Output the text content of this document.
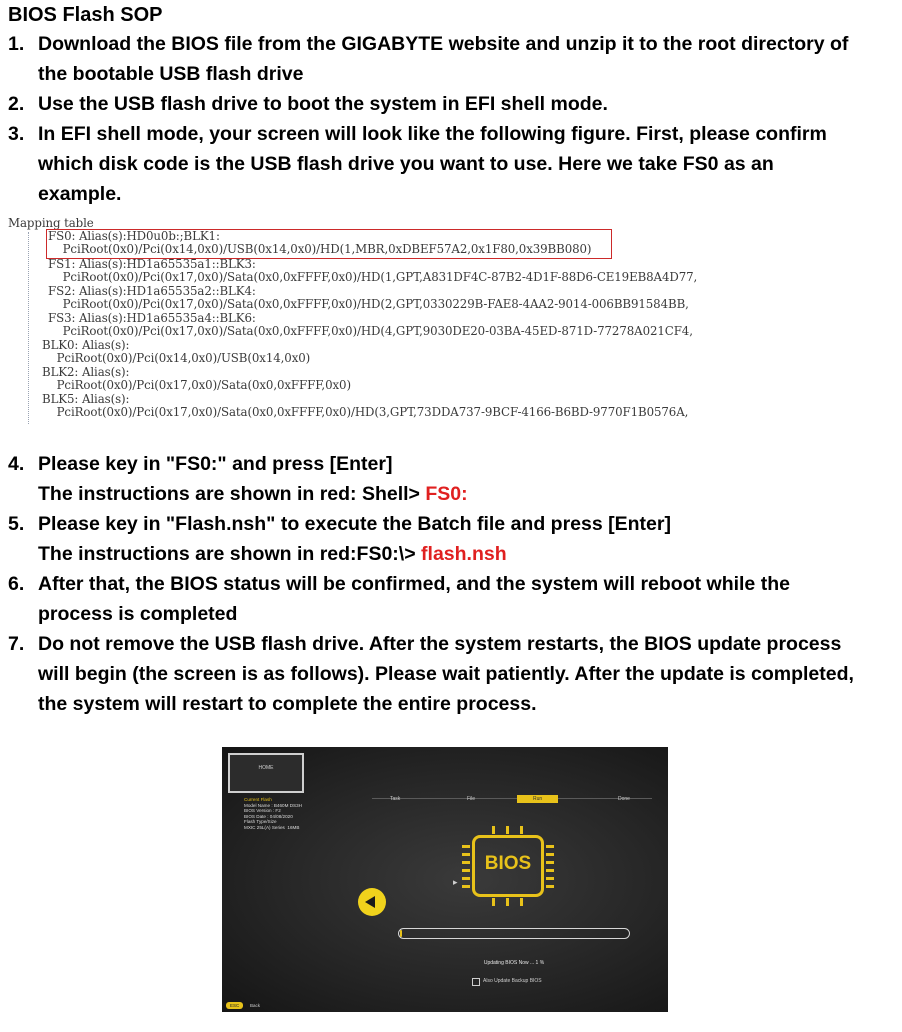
BIOS Flash SOP
1. Download the BIOS file from the GIGABYTE website and unzip it to the root directory of
the bootable USB flash drive
2. Use the USB flash drive to boot the system in EFI shell mode.
3. In EFI shell mode, your screen will look like the following figure. First, please confirm
which disk code is the USB flash drive you want to use. Here we take FS0 as an
example.
4. Please key in "FS0:" and press [Enter]
The instructions are shown in red: Shell> FS0:
5. Please key in "Flash.nsh" to execute the Batch file and press [Enter]
The instructions are shown in red:FS0:\> flash.nsh
6. After that, the BIOS status will be confirmed, and the system will reboot while the
process is completed
7. Do not remove the USB flash drive. After the system restarts, the BIOS update process
will begin (the screen is as follows). Please wait patiently. After the update is completed,
the system will restart to complete the entire process.
Mapping table
FS0: Alias(s):HD0u0b:;BLK1:
PciRoot(0x0)/Pci(0x14,0x0)/USB(0x14,0x0)/HD(1,MBR,0xDBEF57A2,0x1F80,0x39BB080)
FS1: Alias(s):HD1a65535a1::BLK3:
PciRoot(0x0)/Pci(0x17,0x0)/Sata(0x0,0xFFFF,0x0)/HD(1,GPT,A831DF4C-87B2-4D1F-88D6-CE19EB8A4D77,
FS2: Alias(s):HD1a65535a2::BLK4:
PciRoot(0x0)/Pci(0x17,0x0)/Sata(0x0,0xFFFF,0x0)/HD(2,GPT,0330229B-FAE8-4AA2-9014-006BB91584BB,
FS3: Alias(s):HD1a65535a4::BLK6:
PciRoot(0x0)/Pci(0x17,0x0)/Sata(0x0,0xFFFF,0x0)/HD(4,GPT,9030DE20-03BA-45ED-871D-77278A021CF4,
BLK0: Alias(s):
PciRoot(0x0)/Pci(0x14,0x0)/USB(0x14,0x0)
BLK2: Alias(s):
PciRoot(0x0)/Pci(0x17,0x0)/Sata(0x0,0xFFFF,0x0)
BLK5: Alias(s):
PciRoot(0x0)/Pci(0x17,0x0)/Sata(0x0,0xFFFF,0x0)/HD(3,GPT,73DDA737-9BCF-4166-B6BD-9770F1B0576A,
HOME
Current Flash
Model Name : B460M DS3H
BIOS Version : F2
BIOS Date : 04/08/2020
Flash Type/Size
MXIC 25L(A) Series  16MB
Task	File	Run	Done
BIOS
▸
Updating BIOS Now ... 1 %
Also Update Backup BIOS
ESC	Back
